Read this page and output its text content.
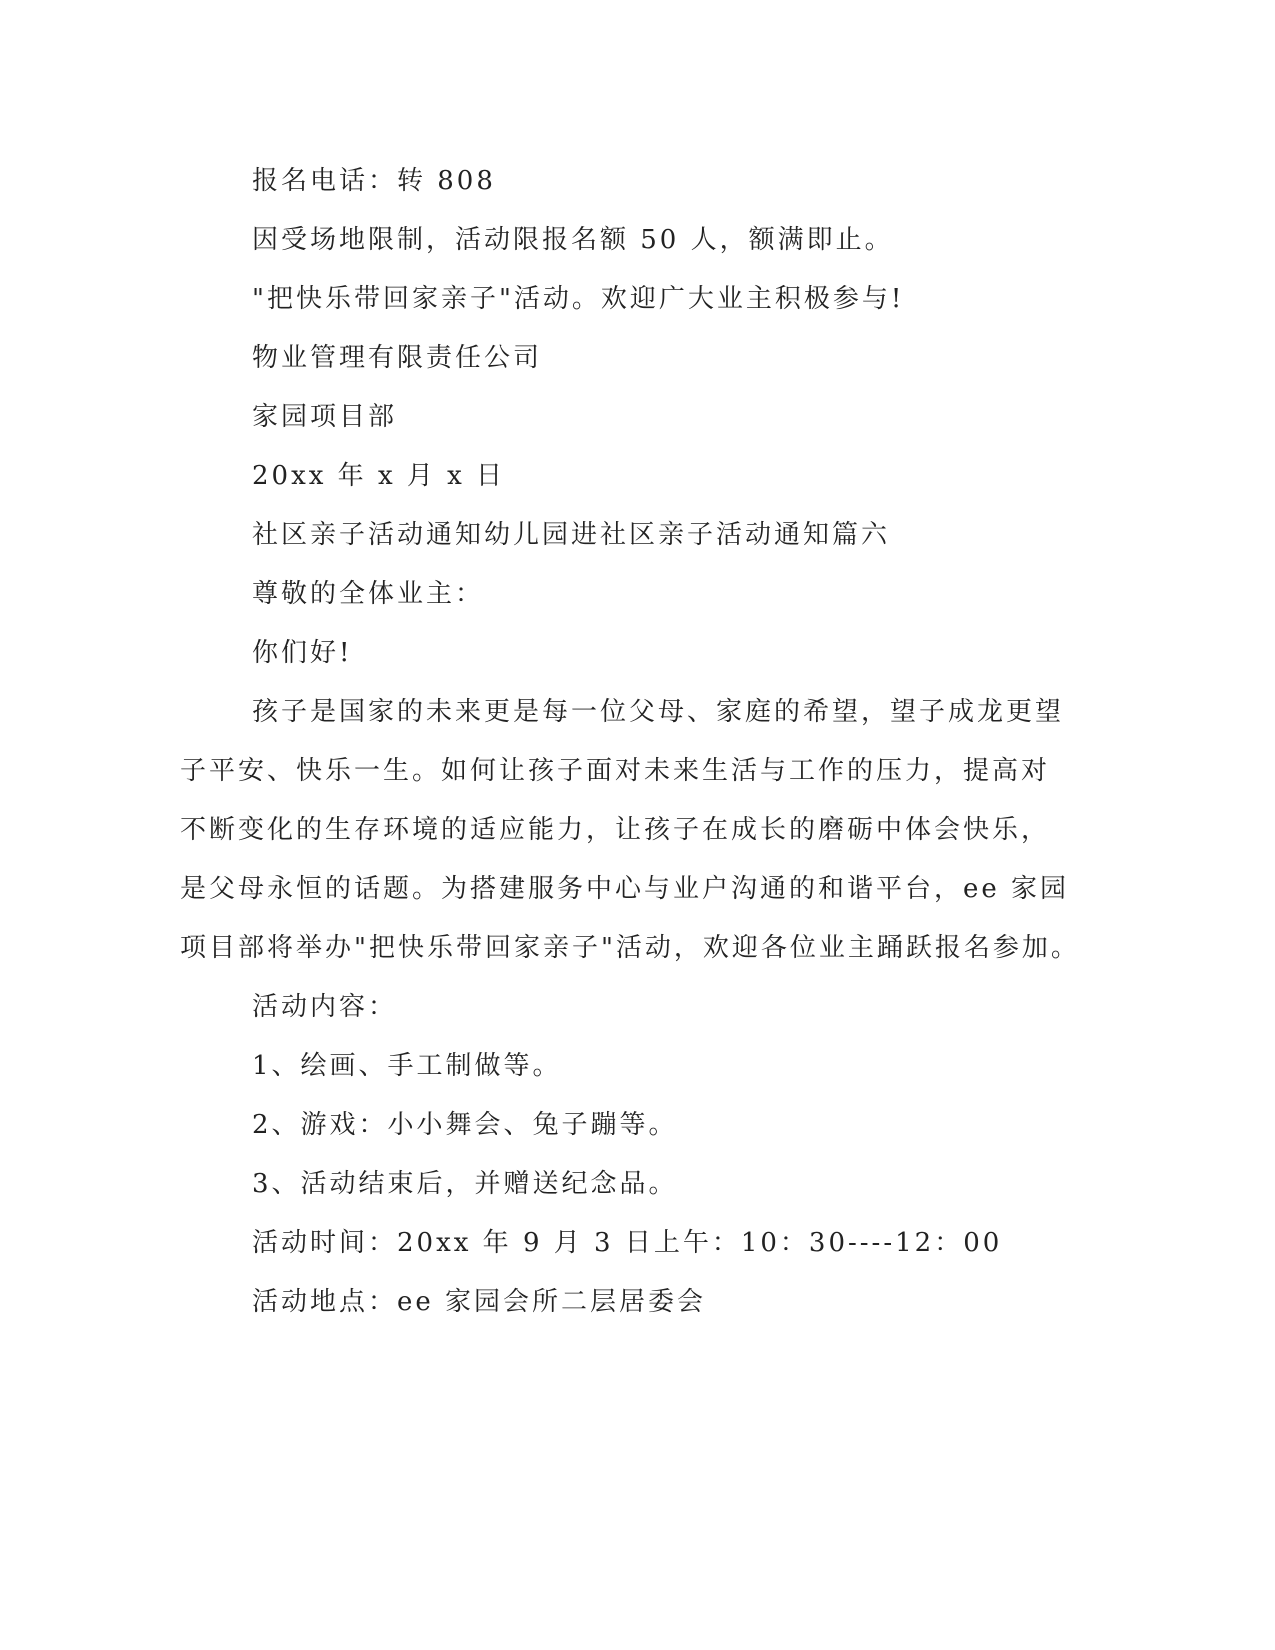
报名电话：转 808
因受场地限制，活动限报名额 50 人，额满即止。
"把快乐带回家亲子"活动。欢迎广大业主积极参与!
物业管理有限责任公司
家园项目部
20xx 年 x 月 x 日
社区亲子活动通知幼儿园进社区亲子活动通知篇六
尊敬的全体业主：
你们好!
孩子是国家的未来更是每一位父母、家庭的希望，望子成龙更望
子平安、快乐一生。如何让孩子面对未来生活与工作的压力，提高对
不断变化的生存环境的适应能力，让孩子在成长的磨砺中体会快乐，
是父母永恒的话题。为搭建服务中心与业户沟通的和谐平台，ee 家园
项目部将举办"把快乐带回家亲子"活动，欢迎各位业主踊跃报名参加。
活动内容：
1、绘画、手工制做等。
2、游戏：小小舞会、兔子蹦等。
3、活动结束后，并赠送纪念品。
活动时间：20xx 年 9 月 3 日上午：10：30----12：00
活动地点：ee 家园会所二层居委会
